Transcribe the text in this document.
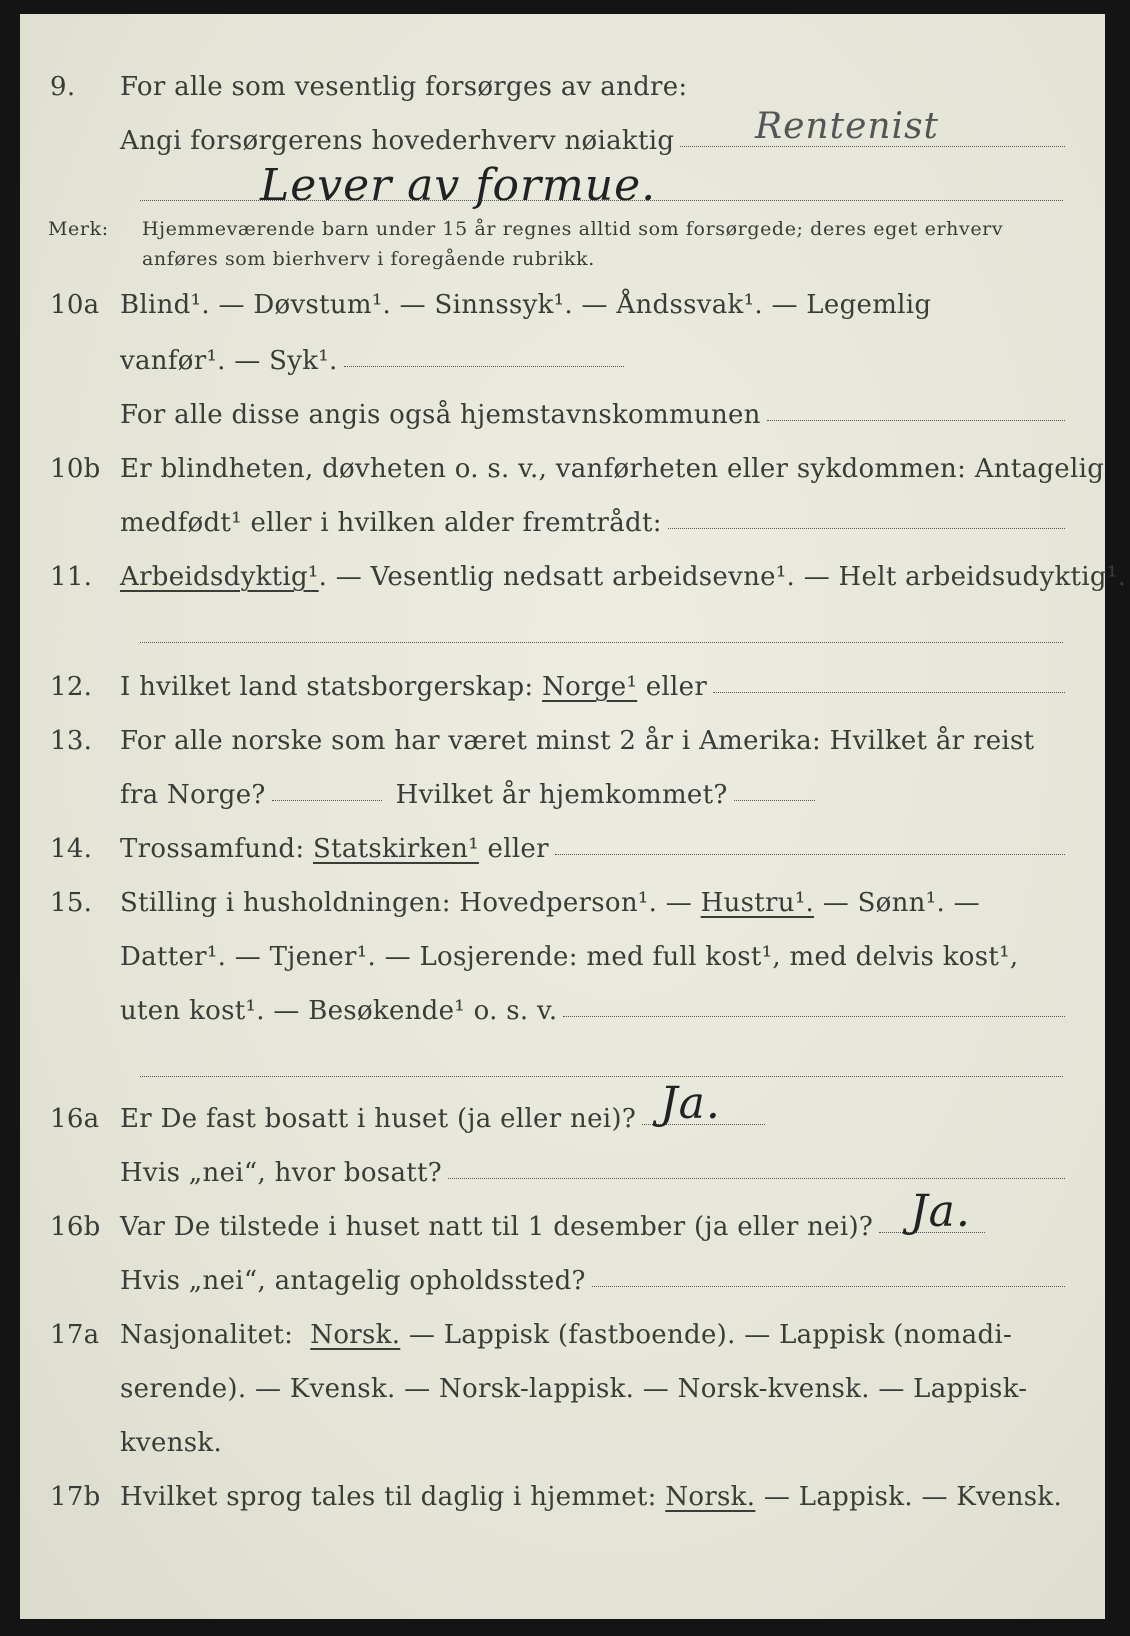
9.	For alle som vesentlig forsørges av andre:
Angi forsørgerens hovederhverv nøiaktig Rentenist
Lever av formue.
Merk:	Hjemmeværende barn under 15 år regnes alltid som forsørgede; deres eget erhverv
anføres som bierhverv i foregående rubrikk.
10a Blind¹. — Døvstum¹. — Sinnssyk¹. — Åndssvak¹. — Legemlig
vanfør¹. — Syk¹.
For alle disse angis også hjemstavnskommunen
10b Er blindheten, døvheten o. s. v., vanførheten eller sykdommen: Antagelig
medfødt¹ eller i hvilken alder fremtrådt:
11.	Arbeidsdyktig¹ . — Vesentlig nedsatt arbeidsevne¹. — Helt arbeidsudyktig¹.
12.	I hvilket land statsborgerskap:
Norge¹
eller
13.	For alle norske som har været minst 2 år i Amerika: Hvilket år reist
fra Norge?	Hvilket år hjemkommet?
14.	Trossamfund:
Statskirken¹
eller
15.	Stilling i husholdningen: Hovedperson¹. —
Hustru¹.
— Sønn¹. —
Datter¹. — Tjener¹. — Losjerende: med full kost¹, med delvis kost¹,
uten kost¹. — Besøkende¹ o. s. v.
16a Er De fast bosatt i huset (ja eller nei)? Ja.
Hvis „nei“, hvor bosatt?
16b Var De tilstede i huset natt til 1 desember (ja eller nei)? Ja.
Hvis „nei“, antagelig opholdssted?
17a Nasjonalitet:
Norsk.
— Lappisk (fastboende). — Lappisk (nomadi-
serende). — Kvensk. — Norsk-lappisk. — Norsk-kvensk. — Lappisk-
kvensk.
17b Hvilket sprog tales til daglig i hjemmet:
Norsk.
— Lappisk. — Kvensk.
